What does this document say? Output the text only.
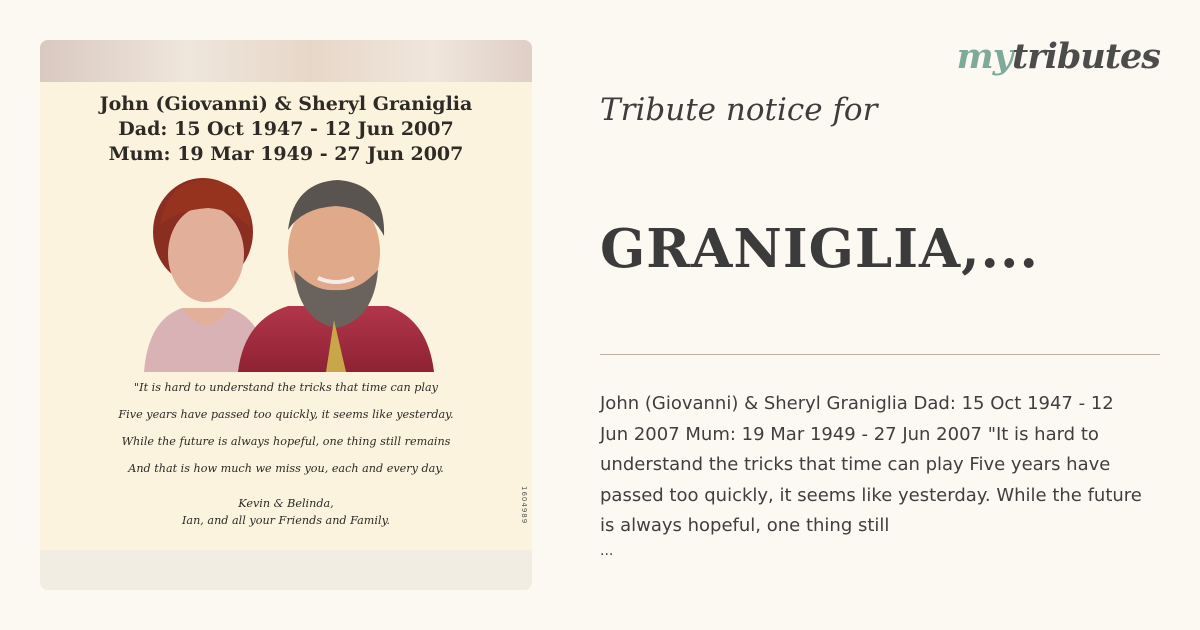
John (Giovanni) & Sheryl Graniglia
Dad: 15 Oct 1947 - 12 Jun 2007
Mum: 19 Mar 1949 - 27 Jun 2007
"It is hard to understand the tricks that time can play
Five years have passed too quickly, it seems like yesterday.
While the future is always hopeful, one thing still remains
And that is how much we miss you, each and every day.
Kevin & Belinda,
Ian, and all your Friends and Family.	1604989
mytributes
Tribute notice for
GRANIGLIA,...
John (Giovanni) & Sheryl Graniglia Dad: 15 Oct 1947 - 12 Jun 2007 Mum: 19 Mar 1949 - 27 Jun 2007 "It is hard to understand the tricks that time can play Five years have passed too quickly, it seems like yesterday. While the future is always hopeful, one thing still
...
